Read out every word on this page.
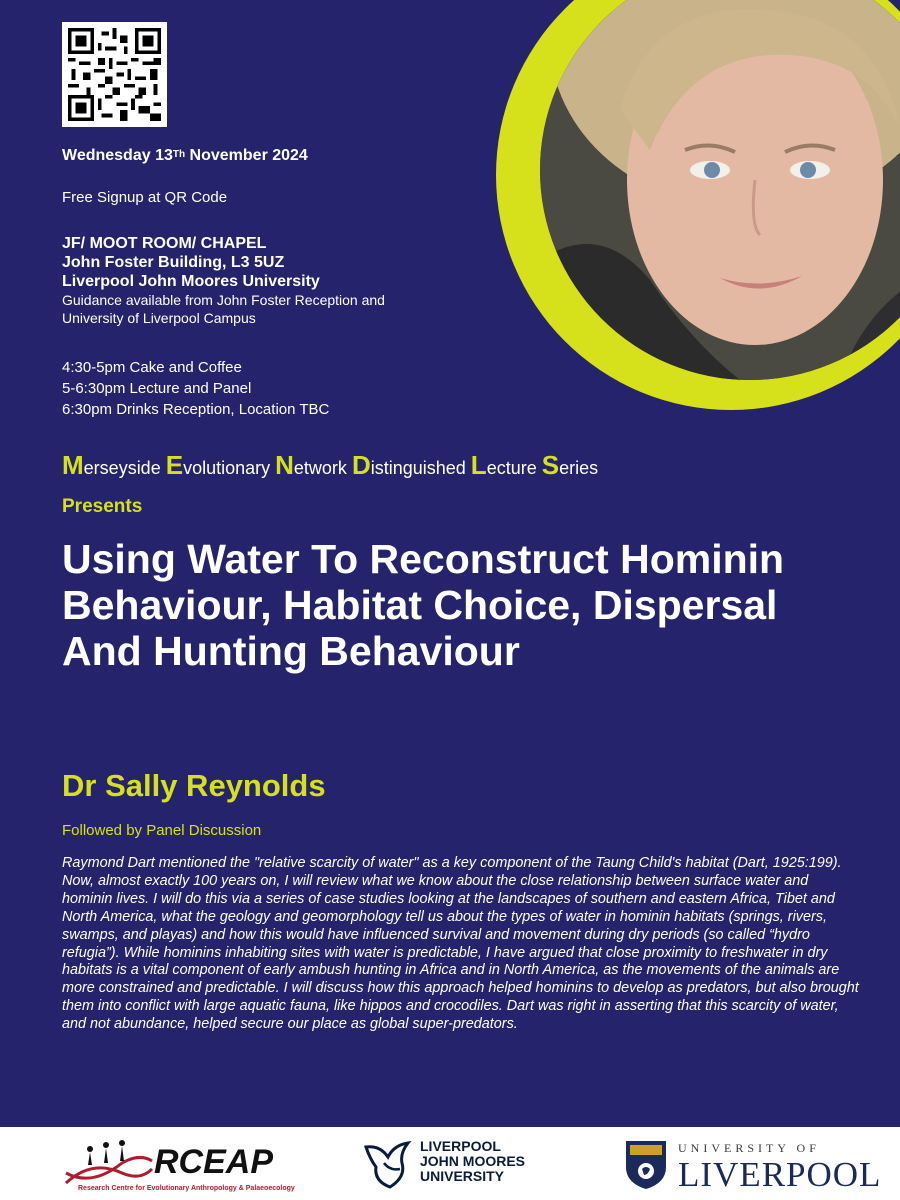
Wednesday 13Th November 2024
Free Signup at QR Code
JF/ MOOT ROOM/ CHAPEL
John Foster Building, L3 5UZ
Liverpool John Moores University
Guidance available from John Foster Reception and
University of Liverpool Campus
4:30-5pm Cake and Coffee
5-6:30pm Lecture and Panel
6:30pm Drinks Reception, Location TBC
Merseyside Evolutionary Network Distinguished Lecture Series
Presents
Using Water To Reconstruct Hominin Behaviour, Habitat Choice, Dispersal And Hunting Behaviour
Dr Sally Reynolds
Followed by Panel Discussion
Raymond Dart mentioned the "relative scarcity of water" as a key component of the Taung Child's habitat (Dart, 1925:199). Now, almost exactly 100 years on, I will review what we know about the close relationship between surface water and hominin lives. I will do this via a series of case studies looking at the landscapes of southern and eastern Africa, Tibet and North America, what the geology and geomorphology tell us about the types of water in hominin habitats (springs, rivers, swamps, and playas) and how this would have influenced survival and movement during dry periods (so called “hydro refugia”). While hominins inhabiting sites with water is predictable, I have argued that close proximity to freshwater in dry habitats is a vital component of early ambush hunting in Africa and in North America, as the movements of the animals are more constrained and predictable. I will discuss how this approach helped hominins to develop as predators, but also brought them into conflict with large aquatic fauna, like hippos and crocodiles. Dart was right in asserting that this scarcity of water, and not abundance, helped secure our place as global super-predators.
RCEAP
Research Centre for Evolutionary Anthropology & Palaeoecology
LIVERPOOL
JOHN MOORES
UNIVERSITY
UNIVERSITY OF
LIVERPOOL
